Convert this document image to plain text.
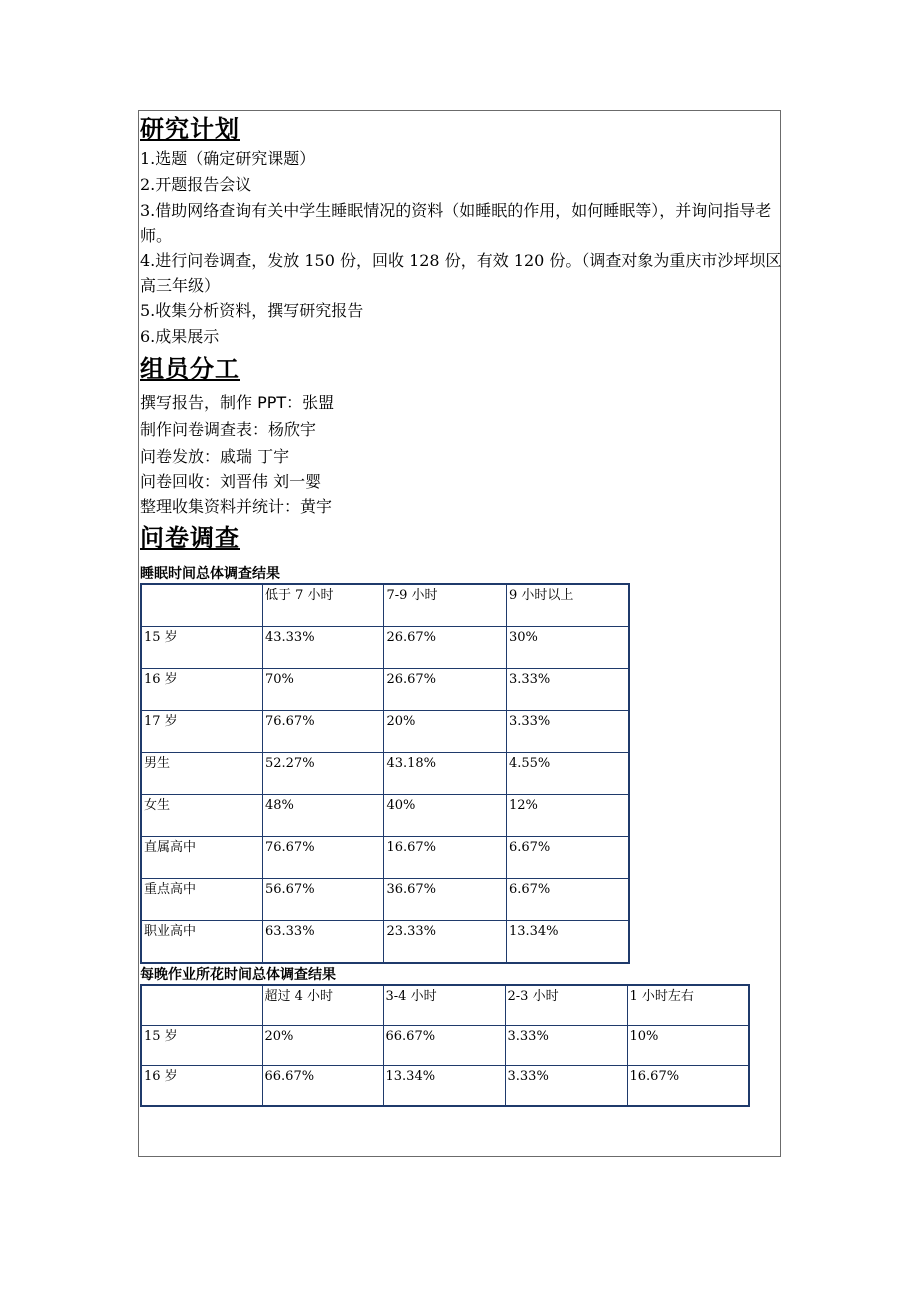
研究计划

1.选题（确定研究课题）

2.开题报告会议

3.借助网络查询有关中学生睡眠情况的资料（如睡眠的作用，如何睡眠等），并询问指导老师。

4.进行问卷调查，发放 150 份，回收 128 份，有效 120 份。（调查对象为重庆市沙坪坝区高三年级）

5.收集分析资料，撰写研究报告

6.成果展示

组员分工

撰写报告，制作 PPT：张盟

制作问卷调查表：杨欣宇

问卷发放：戚瑞 丁宇

问卷回收：刘晋伟 刘一婴

整理收集资料并统计：黄宇

问卷调查

睡眠时间总体调查结果

	低于 7 小时	7-9 小时	9 小时以上
15 岁	43.33%	26.67%	30%
16 岁	70%	26.67%	3.33%
17 岁	76.67%	20%	3.33%
男生	52.27%	43.18%	4.55%
女生	48%	40%	12%
直属高中	76.67%	16.67%	6.67%
重点高中	56.67%	36.67%	6.67%
职业高中	63.33%	23.33%	13.34%

每晚作业所花时间总体调查结果

	超过 4 小时	3-4 小时	2-3 小时	1 小时左右
15 岁	20%	66.67%	3.33%	10%
16 岁	66.67%	13.34%	3.33%	16.67%
